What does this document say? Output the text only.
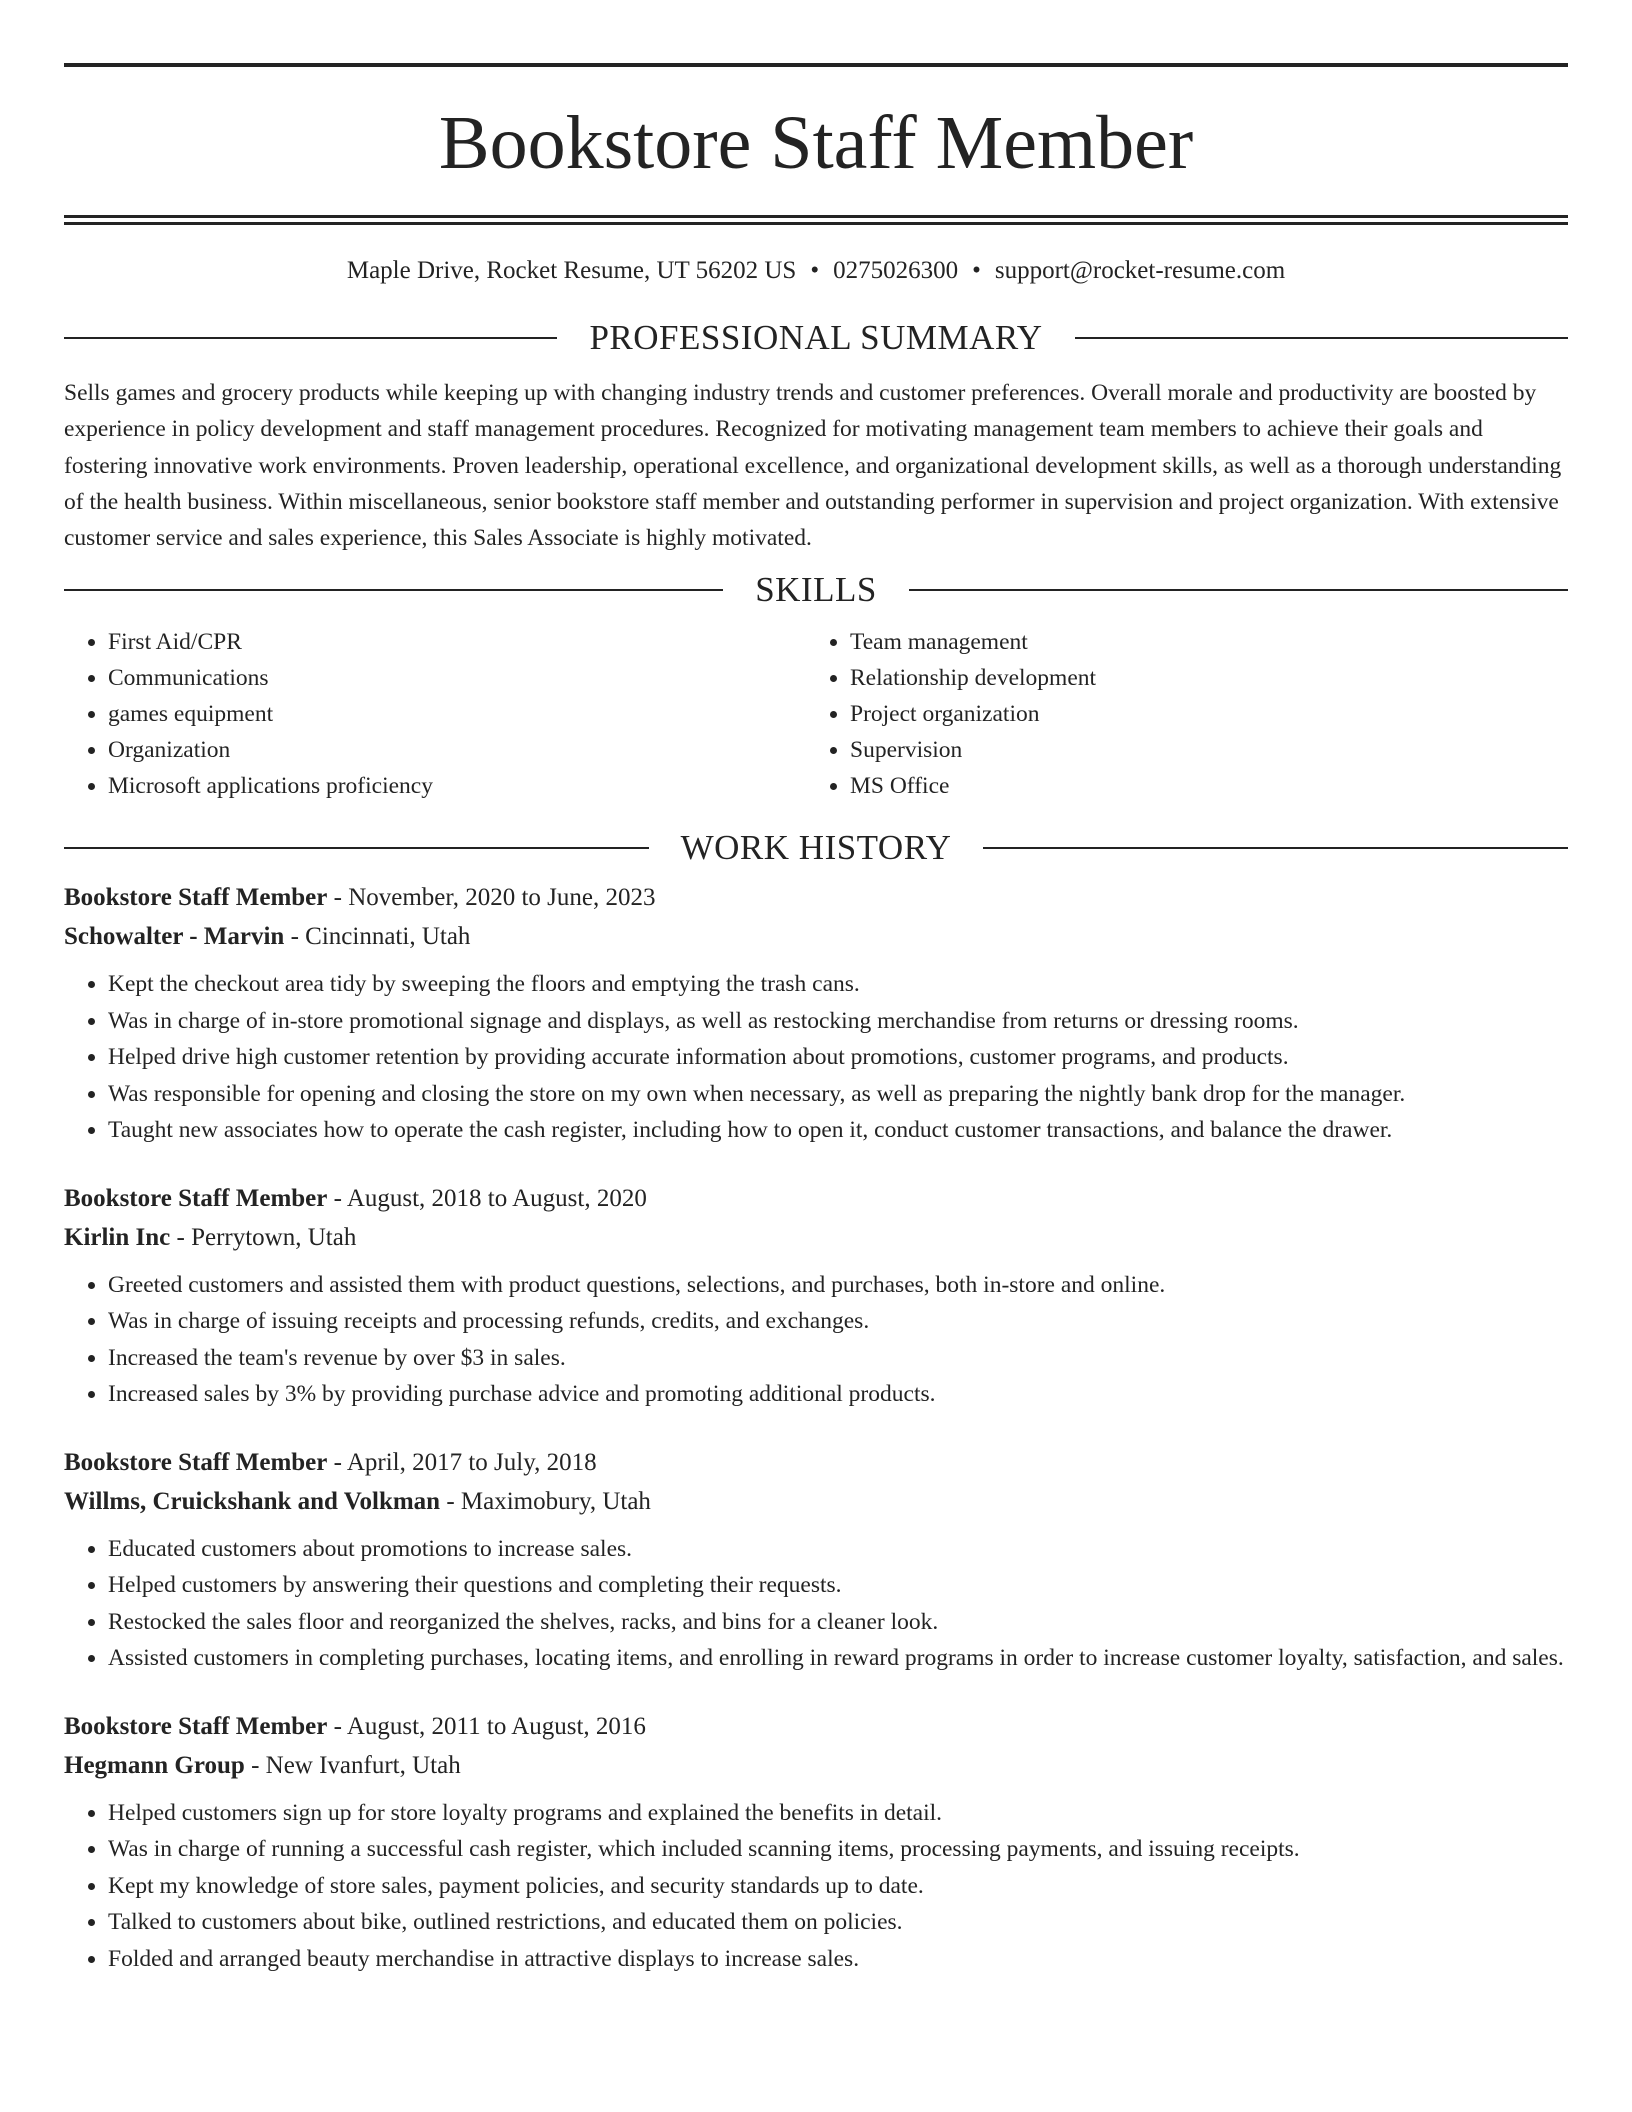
Bookstore Staff Member
Maple Drive, Rocket Resume, UT 56202 US • 0275026300 • support@rocket-resume.com
PROFESSIONAL SUMMARY

Sells games and grocery products while keeping up with changing industry trends and customer preferences. Overall morale and productivity are boosted by experience in policy development and staff management procedures. Recognized for motivating management team members to achieve their goals and fostering innovative work environments. Proven leadership, operational excellence, and organizational development skills, as well as a thorough understanding of the health business. Within miscellaneous, senior bookstore staff member and outstanding performer in supervision and project organization. With extensive customer service and sales experience, this Sales Associate is highly motivated.

SKILLS
• First Aid/CPR
• Communications
• games equipment
• Organization
• Microsoft applications proficiency
• Team management
• Relationship development
• Project organization
• Supervision
• MS Office
WORK HISTORY
Bookstore Staff Member - November, 2020 to June, 2023
Schowalter - Marvin - Cincinnati, Utah
• Kept the checkout area tidy by sweeping the floors and emptying the trash cans.
• Was in charge of in-store promotional signage and displays, as well as restocking merchandise from returns or dressing rooms.
• Helped drive high customer retention by providing accurate information about promotions, customer programs, and products.
• Was responsible for opening and closing the store on my own when necessary, as well as preparing the nightly bank drop for the manager.
• Taught new associates how to operate the cash register, including how to open it, conduct customer transactions, and balance the drawer.
Bookstore Staff Member - August, 2018 to August, 2020
Kirlin Inc - Perrytown, Utah
• Greeted customers and assisted them with product questions, selections, and purchases, both in-store and online.
• Was in charge of issuing receipts and processing refunds, credits, and exchanges.
• Increased the team's revenue by over $3 in sales.
• Increased sales by 3% by providing purchase advice and promoting additional products.
Bookstore Staff Member - April, 2017 to July, 2018
Willms, Cruickshank and Volkman - Maximobury, Utah
• Educated customers about promotions to increase sales.
• Helped customers by answering their questions and completing their requests.
• Restocked the sales floor and reorganized the shelves, racks, and bins for a cleaner look.
• Assisted customers in completing purchases, locating items, and enrolling in reward programs in order to increase customer loyalty, satisfaction, and sales.
Bookstore Staff Member - August, 2011 to August, 2016
Hegmann Group - New Ivanfurt, Utah
• Helped customers sign up for store loyalty programs and explained the benefits in detail.
• Was in charge of running a successful cash register, which included scanning items, processing payments, and issuing receipts.
• Kept my knowledge of store sales, payment policies, and security standards up to date.
• Talked to customers about bike, outlined restrictions, and educated them on policies.
• Folded and arranged beauty merchandise in attractive displays to increase sales.
